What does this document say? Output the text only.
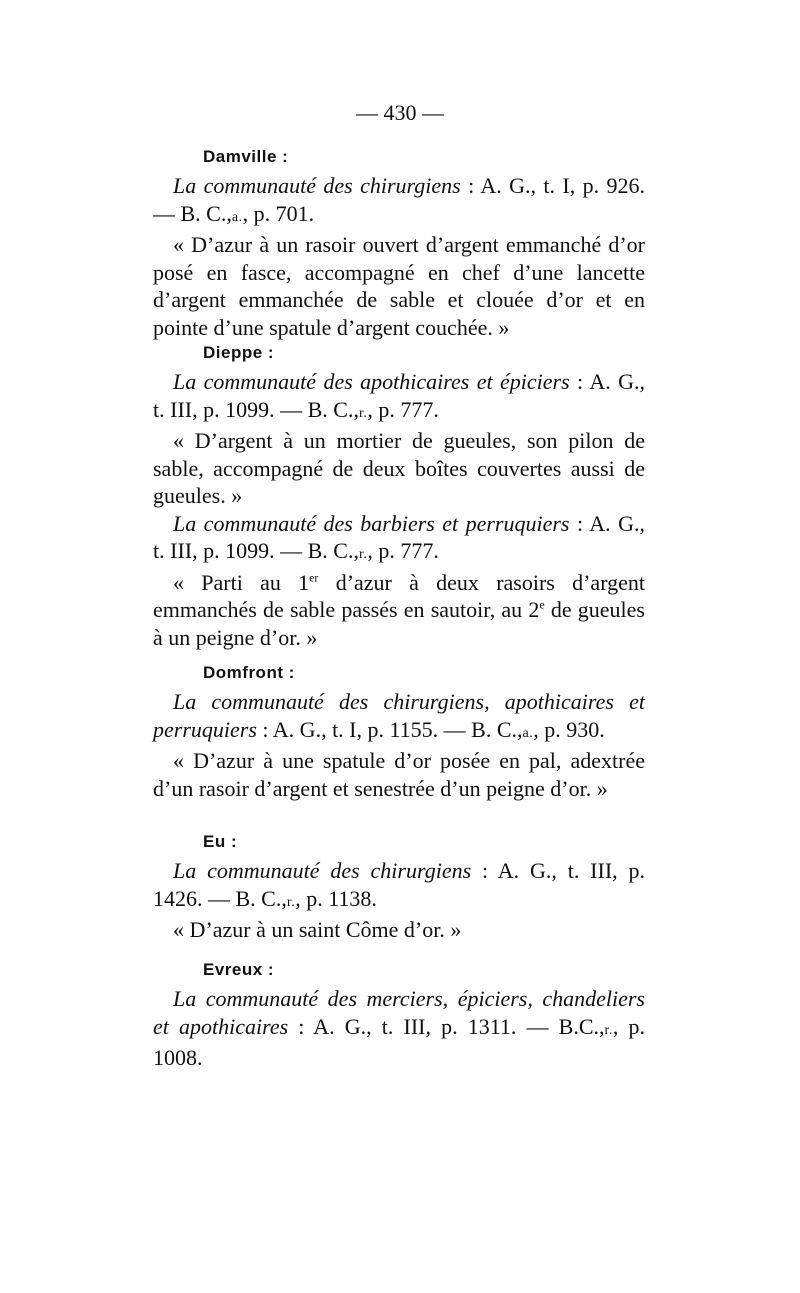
— 430 —
Damville :
La communauté des chirurgiens : A. G., t. I, p. 926. — B. C.,a., p. 701.
« D’azur à un rasoir ouvert d’argent emmanché d’or posé en fasce, accompagné en chef d’une lancette d’argent emmanchée de sable et clouée d’or et en pointe d’une spatule d’argent couchée. »
Dieppe :
La communauté des apothicaires et épiciers : A. G., t. III, p. 1099. — B. C.,r., p. 777.
« D’argent à un mortier de gueules, son pilon de sable, accompagné de deux boîtes couvertes aussi de gueules. »
La communauté des barbiers et perruquiers : A. G., t. III, p. 1099. — B. C.,r., p. 777.
« Parti au 1er d’azur à deux rasoirs d’argent emmanchés de sable passés en sautoir, au 2e de gueules à un peigne d’or. »
Domfront :
La communauté des chirurgiens, apothicaires et perruquiers : A. G., t. I, p. 1155. — B. C.,a., p. 930.
« D’azur à une spatule d’or posée en pal, adextrée d’un rasoir d’argent et senestrée d’un peigne d’or. »
Eu :
La communauté des chirurgiens : A. G., t. III, p. 1426. — B. C.,r., p. 1138.
« D’azur à un saint Côme d’or. »
Evreux :
La communauté des merciers, épiciers, chandeliers et apothicaires : A. G., t. III, p. 1311. — B.C.,r., p. 1008.
